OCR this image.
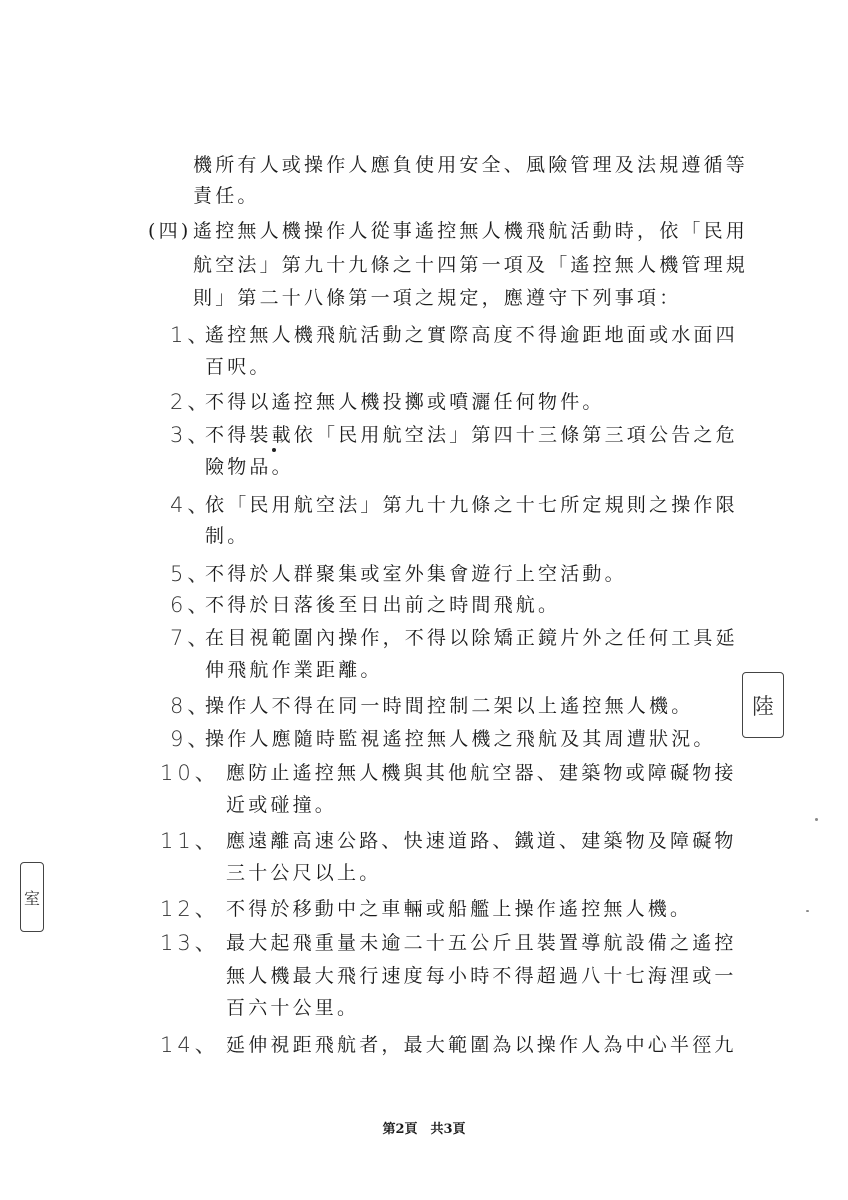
機所有人或操作人應負使用安全、風險管理及法規遵循等
責任。
(四) 遙控無人機操作人從事遙控無人機飛航活動時，依「民用
航空法」第九十九條之十四第一項及「遙控無人機管理規
則」第二十八條第一項之規定，應遵守下列事項：
1、
遙控無人機飛航活動之實際高度不得逾距地面或水面四
百呎。
2、
不得以遙控無人機投擲或噴灑任何物件。
3、
不得裝載依「民用航空法」第四十三條第三項公告之危
險物品。
4、
依「民用航空法」第九十九條之十七所定規則之操作限
制。
5、
不得於人群聚集或室外集會遊行上空活動。
6、
不得於日落後至日出前之時間飛航。
7、
在目視範圍內操作，不得以除矯正鏡片外之任何工具延
伸飛航作業距離。
8、
操作人不得在同一時間控制二架以上遙控無人機。
9、
操作人應隨時監視遙控無人機之飛航及其周遭狀況。
10、 應防止遙控無人機與其他航空器、建築物或障礙物接
近或碰撞。
11、 應遠離高速公路、快速道路、鐵道、建築物及障礙物
三十公尺以上。
12、 不得於移動中之車輛或船艦上操作遙控無人機。
13、 最大起飛重量未逾二十五公斤且裝置導航設備之遙控
無人機最大飛行速度每小時不得超過八十七海浬或一
百六十公里。
14、 延伸視距飛航者，最大範圍為以操作人為中心半徑九
陸
室
第2頁　共3頁
